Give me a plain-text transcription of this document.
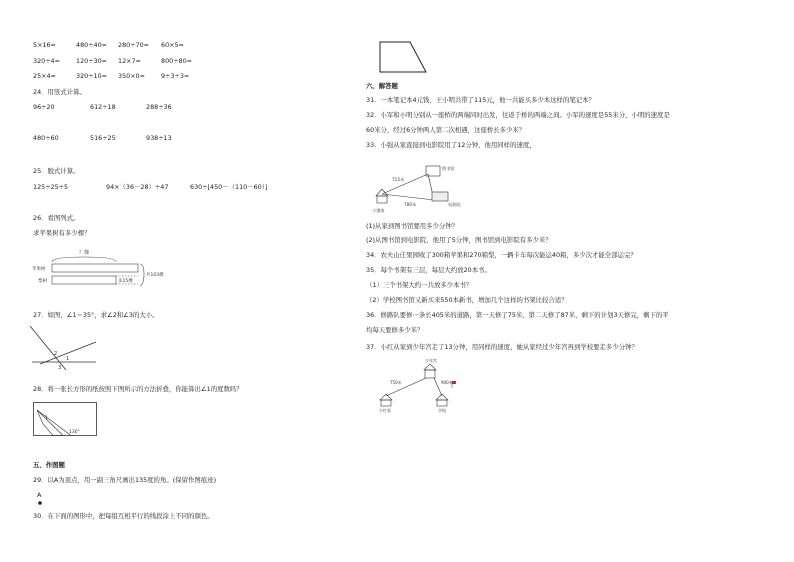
5×16=	480÷40= 280÷70= 60×5=
320÷4=	120÷30= 12×7=	800÷80=
25×4=	320÷10= 350×0=	9÷3÷3=
24．用竖式计算。
96÷20	612÷18	288÷36
480÷60	516÷25	938÷13
25．脱式计算。
125÷25÷5	94×（36－28）÷47	630÷[450－（110－60）]
26．看图列式。
求苹果树有多少棵？
？棵
苹果树
梨树	多15棵
共103棵
27．如图，∠1＝35°，求∠2和∠3的大小。
2
1
3
28．将一张长方形的纸按照下图所示的方法折叠，你能算出∠1的度数吗？
1
130°
五、作图题
29．以A为顶点，用一副三角尺画出135度的角。(保留作图痕迹)
A
30．在下面的图形中，把每组互相平行的线段涂上不同的颜色。
六、解答题
31．一本笔记本4元钱，王小明共带了115元，他一共能买多少本这样的笔记本？
32．小军和小明分别从一座桥的两端同时出发，往返于桥的两端之间。小军的速度是55米分，小明的速度是
60米分，经过6分钟两人第二次相遇，这座桥长多少米？
33．小强从家直接到电影院用了12分钟，他用同样的速度，
715米
780米
图书馆
小强家
电影院
(1)从家到图书馆要用多少分钟？
(2)从图书馆到电影院，他用了5分钟，图书馆到电影院有多少米？
34．农夫山庄果园收了300箱苹果和270箱梨，一辆卡车每次能运40箱，多少次才能全部运完？
35．每个书架有三层，每层大约放20本书。
（1）三个书架大约一共放多少本书？
（2）学校图书馆又新买来550本新书，增加几个这样的书架比较合适？
36．修路队要修一条长405米的道路，第一天修了75米，第二天修了87米，剩下的计划3天修完，剩下的平
均每天要修多少米？
37．小红从家到少年宫走了13分钟，用同样的速度，她从家经过少年宫再到学校要走多少分钟？
少年宫
750米	900米
小红家	学校
